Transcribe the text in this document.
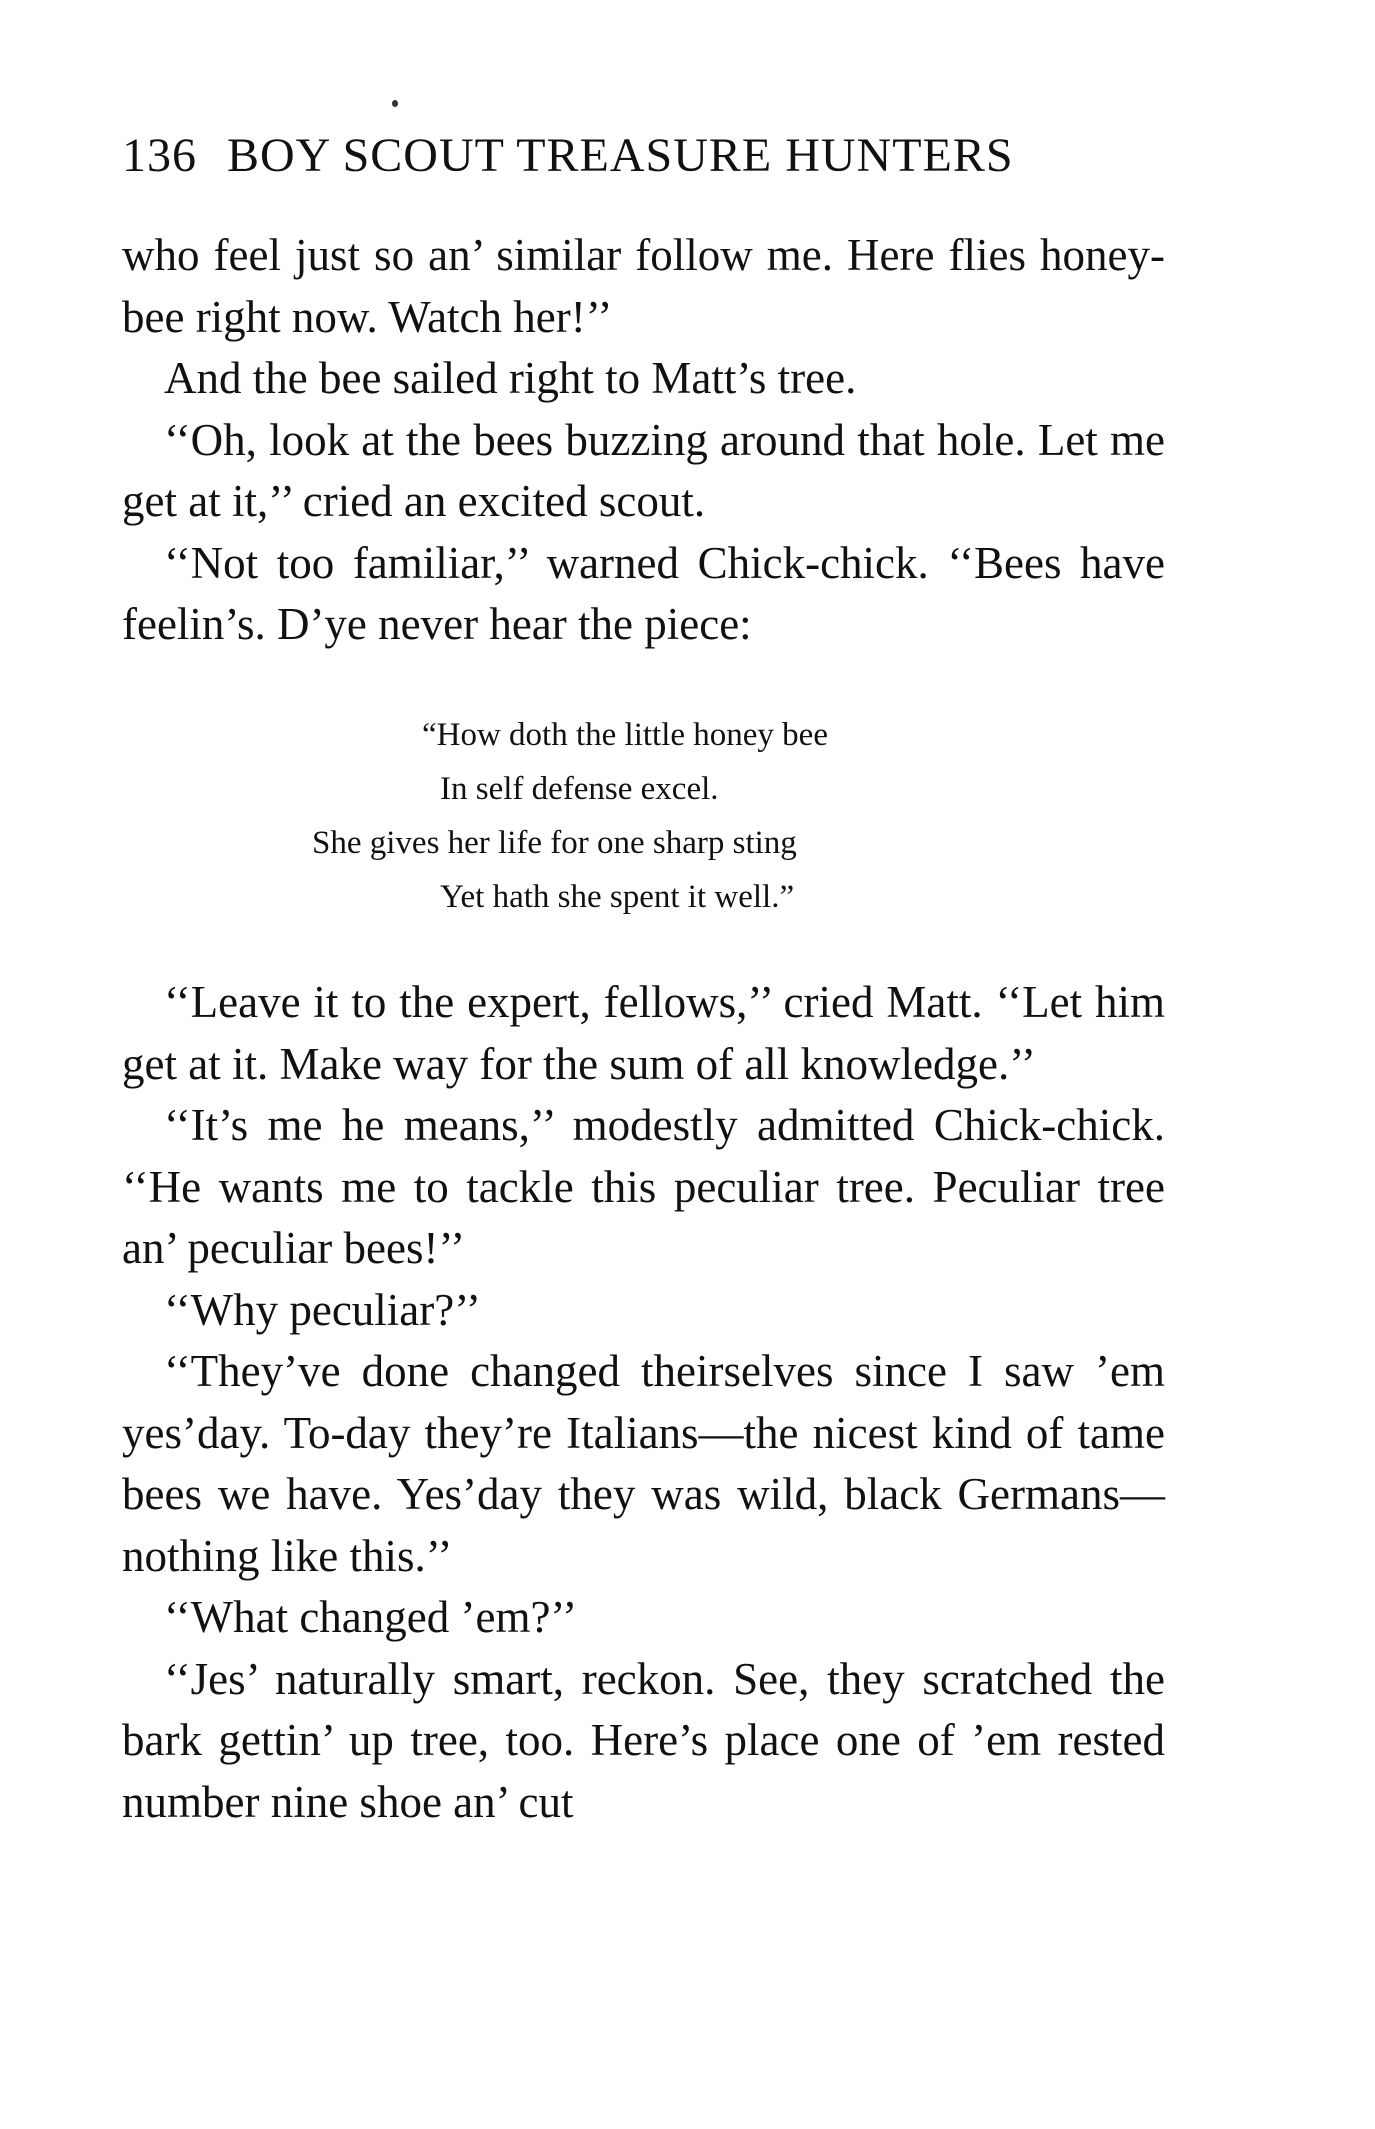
136 BOY SCOUT TREASURE HUNTERS

who feel just so an’ similar follow me. Here flies honey-bee right now. Watch her!’’

And the bee sailed right to Matt’s tree.

‘‘Oh, look at the bees buzzing around that hole. Let me get at it,’’ cried an excited scout.

‘‘Not too familiar,’’ warned Chick-chick. ‘‘Bees have feelin’s. D’ye never hear the piece:

“How doth the little honey bee
In self defense excel.
She gives her life for one sharp sting
Yet hath she spent it well.”

‘‘Leave it to the expert, fellows,’’ cried Matt. ‘‘Let him get at it. Make way for the sum of all knowledge.’’

‘‘It’s me he means,’’ modestly admitted Chick-chick. ‘‘He wants me to tackle this peculiar tree. Peculiar tree an’ peculiar bees!’’

‘‘Why peculiar?’’

‘‘They’ve done changed theirselves since I saw ’em yes’day. To-day they’re Italians—the nicest kind of tame bees we have. Yes’day they was wild, black Germans—nothing like this.’’

‘‘What changed ’em?’’

‘‘Jes’ naturally smart, reckon. See, they scratched the bark gettin’ up tree, too. Here’s place one of ’em rested number nine shoe an’ cut
